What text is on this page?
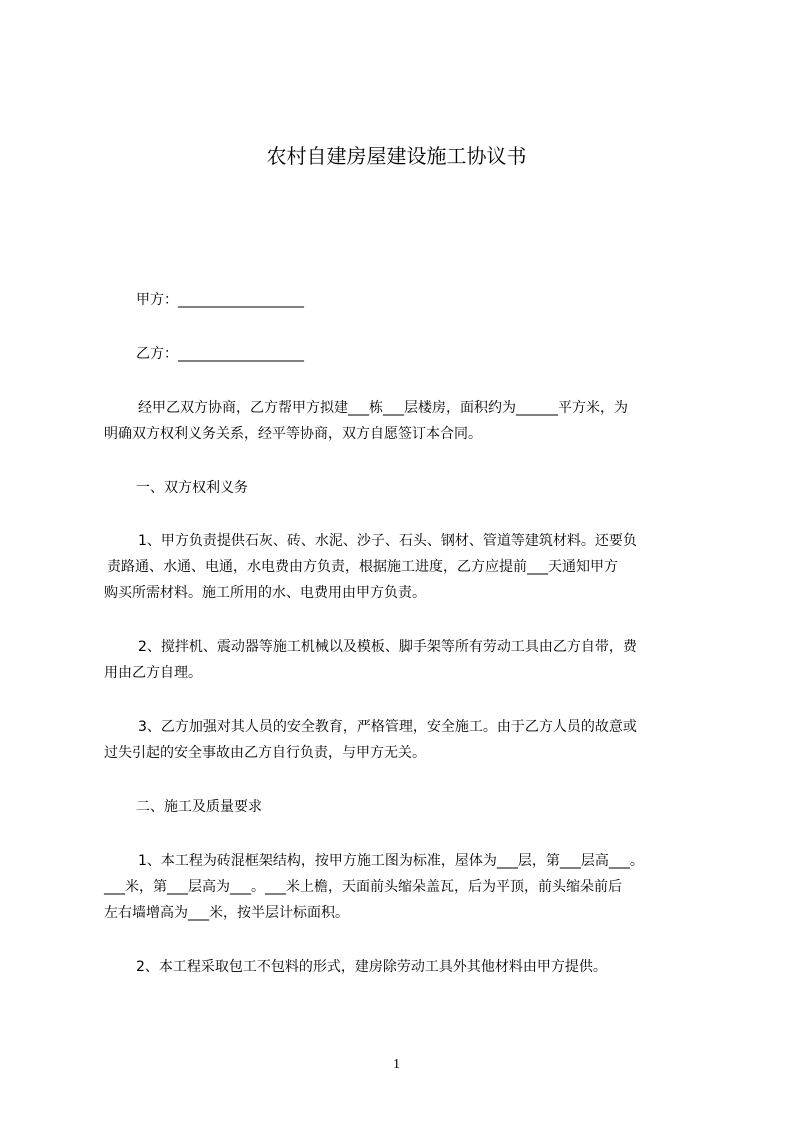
农村自建房屋建设施工协议书
甲方：__________________
乙方：__________________
经甲乙双方协商，乙方帮甲方拟建___栋___层楼房，面积约为______平方米，为
明确双方权利义务关系，经平等协商，双方自愿签订本合同。
一、双方权利义务
1、甲方负责提供石灰、砖、水泥、沙子、石头、钢材、管道等建筑材料。还要负
责路通、水通、电通，水电费由方负责，根据施工进度，乙方应提前___天通知甲方
购买所需材料。施工所用的水、电费用由甲方负责。
2、搅拌机、震动器等施工机械以及模板、脚手架等所有劳动工具由乙方自带，费
用由乙方自理。
3、乙方加强对其人员的安全教育，严格管理，安全施工。由于乙方人员的故意或
过失引起的安全事故由乙方自行负责，与甲方无关。
二、施工及质量要求
1、本工程为砖混框架结构，按甲方施工图为标准，屋体为___层，第___层高___。
___米，第___层高为___。___米上檐，天面前头缩朵盖瓦，后为平顶，前头缩朵前后
左右墙增高为___米，按半层计标面积。
2、本工程采取包工不包料的形式，建房除劳动工具外其他材料由甲方提供。
1
